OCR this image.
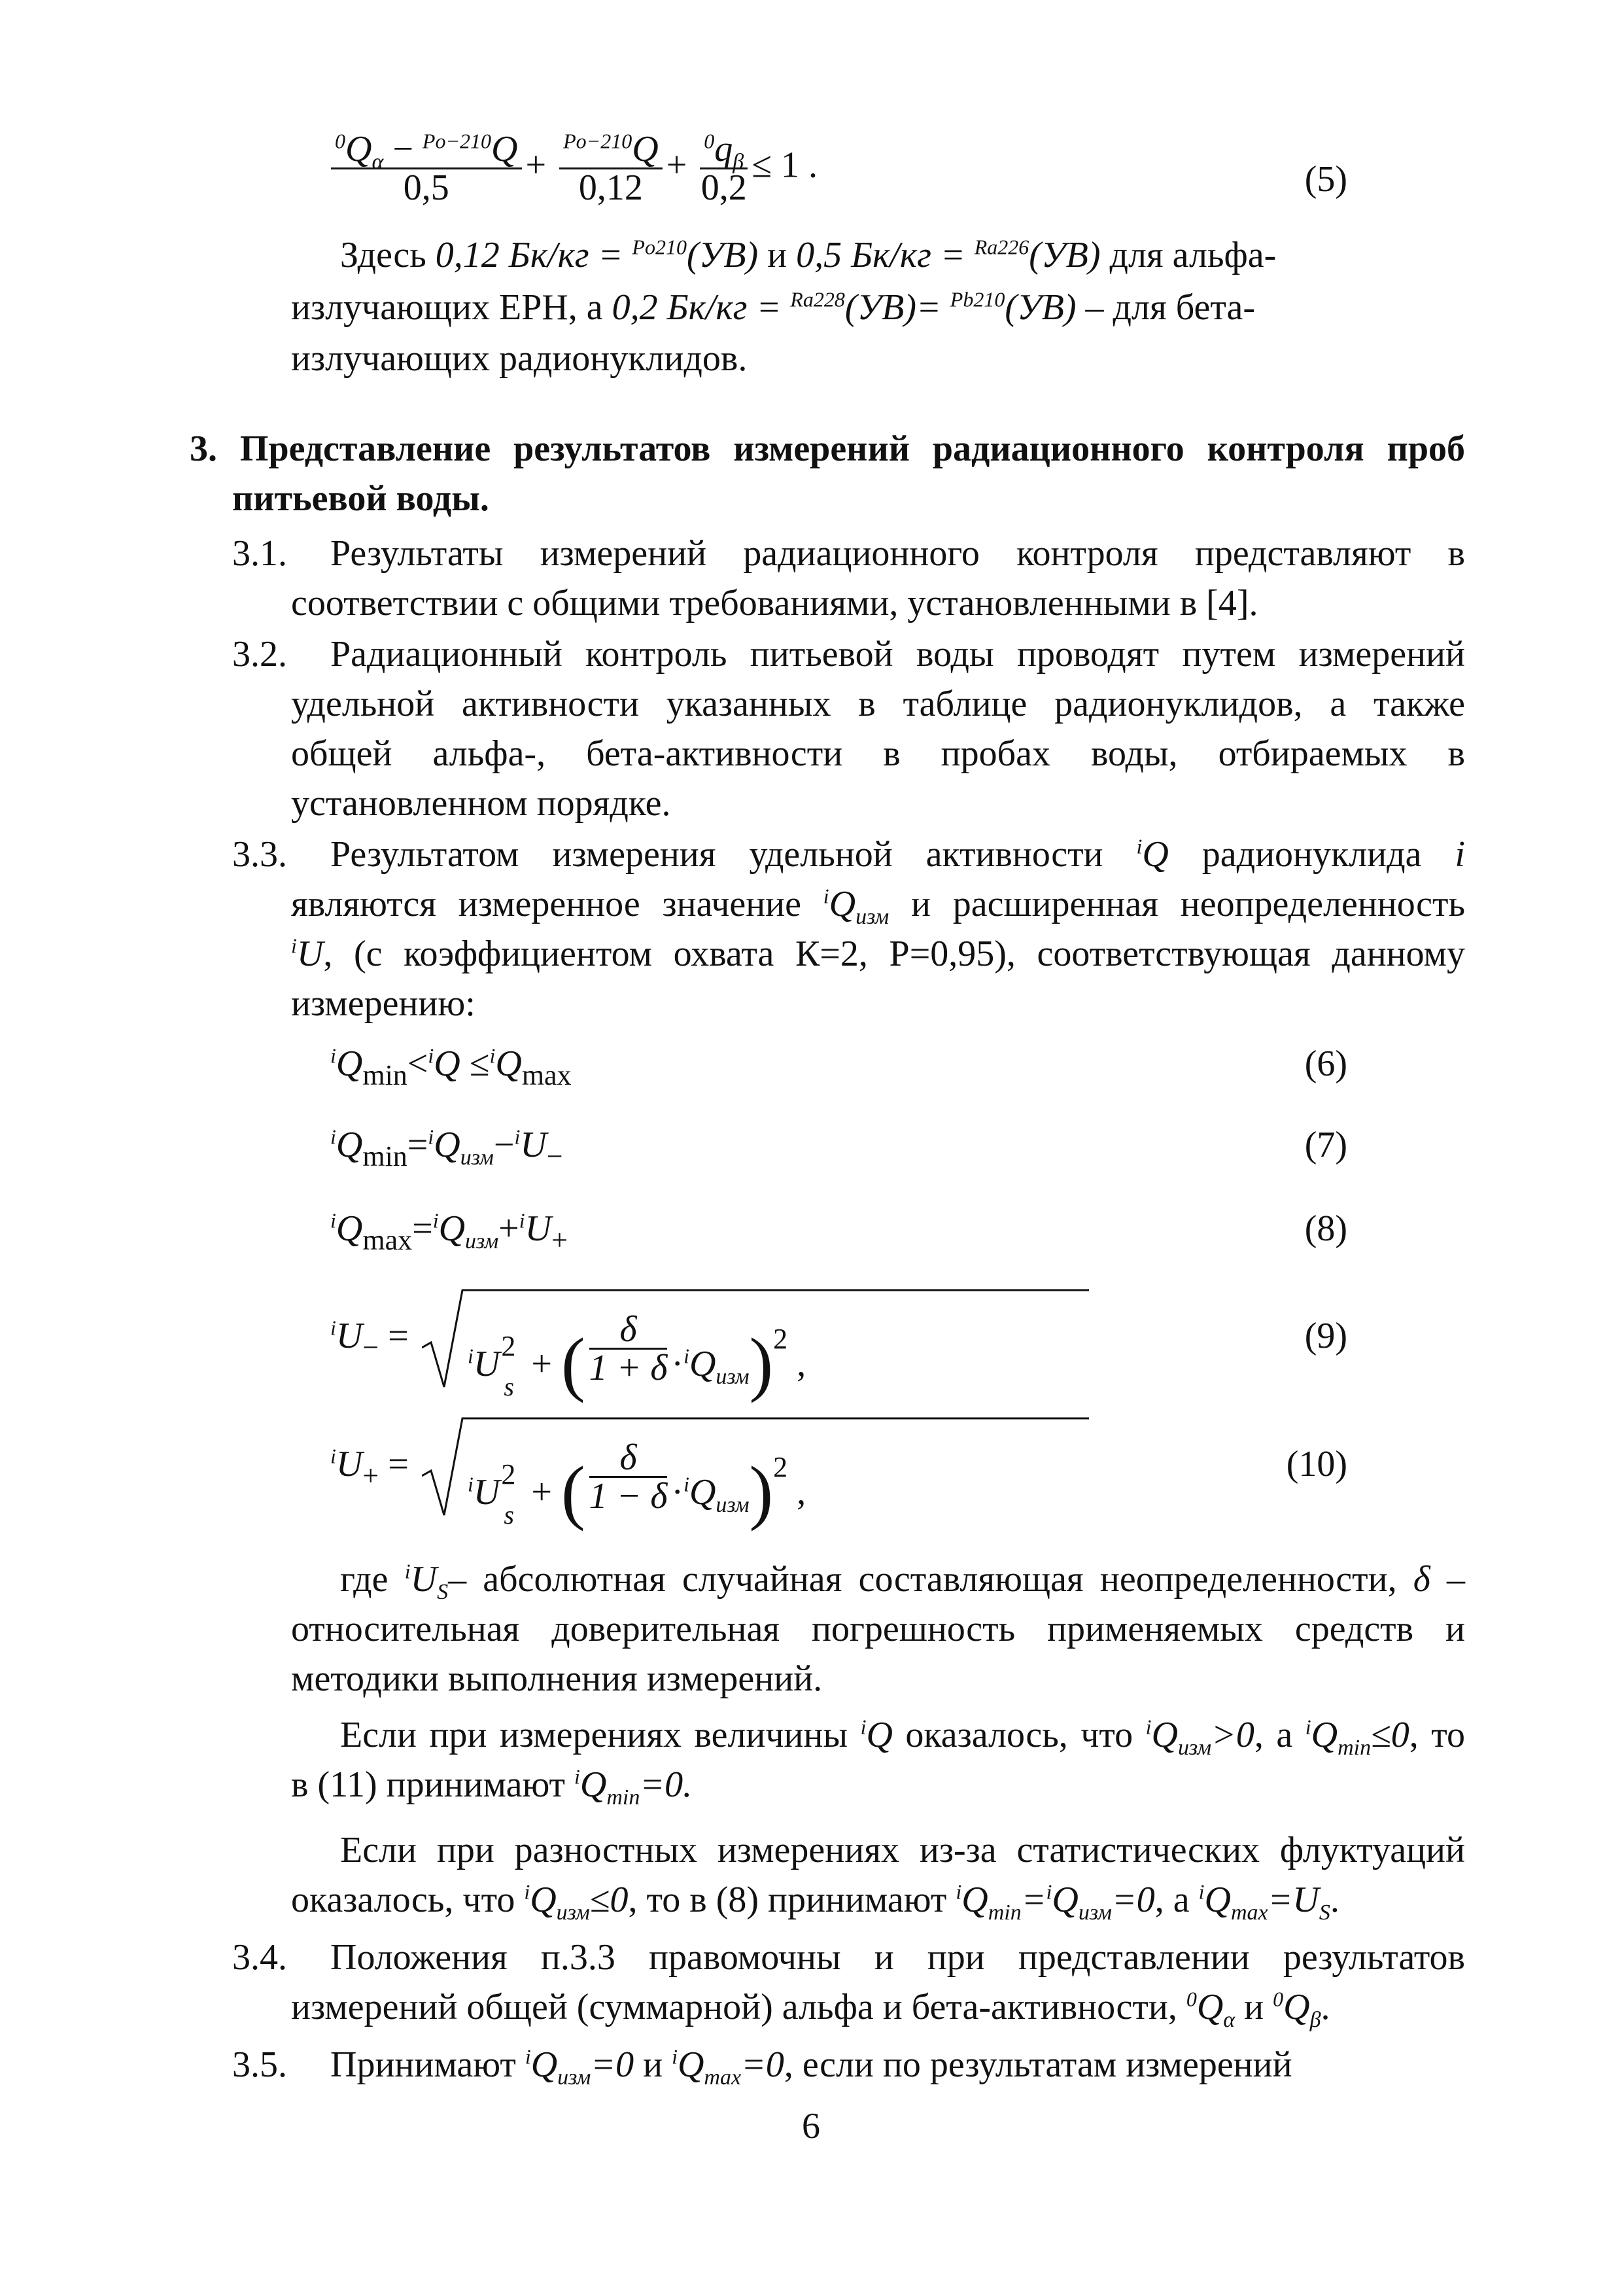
$\frac{^0Q_\alpha - ^{Po-210}Q}{0,5} + \frac{^{Po-210}Q}{0,12} + \frac{^0q_\beta}{0,2} \le 1$ .	(5)
Здесь 0,12 Бк/кг = $^{Po210}$(УВ) и 0,5 Бк/кг = $^{Ra226}$(УВ) для альфа-
излучающих ЕРН, а 0,2 Бк/кг = $^{Ra228}$(УВ)= $^{Pb210}$(УВ) – для бета-
излучающих радионуклидов.
3. Представление результатов измерений радиационного контроля проб
питьевой воды.
3.1. Результаты измерений радиационного контроля представляют в
соответствии с общими требованиями, установленными в [4].
3.2. Радиационный контроль питьевой воды проводят путем измерений
удельной активности указанных в таблице радионуклидов, а также
общей альфа-, бета-активности в пробах воды, отбираемых в
установленном порядке.
3.3. Результатом измерения удельной активности $^i$Q радионуклида i
являются измеренное значение $^iQ_{изм}$ и расширенная неопределенность
$^i$U, (с коэффициентом охвата К=2, Р=0,95), соответствующая данному
измерению:
$^iQ_{min}<^iQ \le^iQ_{max}$	(6)
$^iQ_{min}=^iQ_{изм}-^iU_-$	(7)
$^iQ_{max}=^iQ_{изм}+^iU_+$	(8)
$^iU_-$ =	$^i$U 2
s
+ ( $\frac{\delta}{1 + \delta} \cdot^iQ_{изм})^2$ ,
(9)
$^iU_+$ =	$^i$U 2
s
+ ( $\frac{\delta}{1 - \delta} \cdot^iQ_{изм})^2$ ,
(10)
где $^iU_S-$ абсолютная случайная составляющая неопределенности, δ –
относительная доверительная погрешность применяемых средств и
методики выполнения измерений.
Если при измерениях величины $^i$Q оказалось, что $^iQ_{изм}>0$, а $^iQ_{min}\le 0$, то
в (11) принимают $^iQ_{min}=0$.
Если при разностных измерениях из-за статистических флуктуаций
оказалось, что $^iQ_{изм}\le 0$, то в (8) принимают $^iQ_{min}=^iQ_{изм}=0$, а $^iQ_{max}=U_S$.
3.4. Положения п.3.3 правомочны и при представлении результатов
измерений общей (суммарной) альфа и бета-активности, $^0Q_\alpha$ и $^0Q_\beta$.
3.5. Принимают $^iQ_{изм}=0$ и $^iQ_{max}=0$, если по результатам измерений
6
